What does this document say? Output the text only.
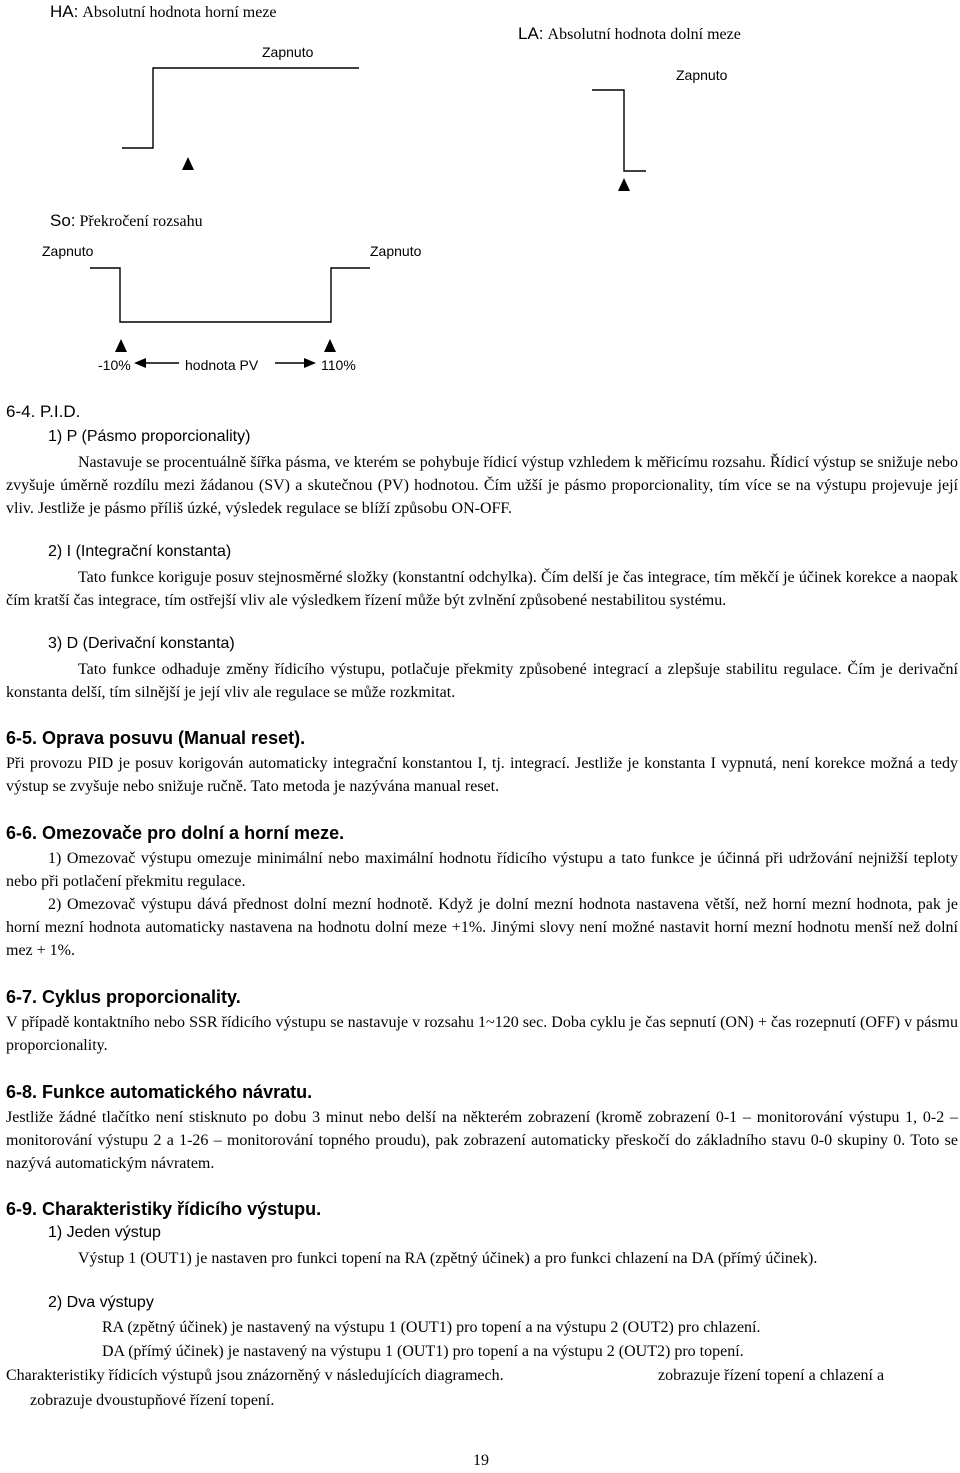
HA: Absolutní hodnota horní meze
Zapnuto
LA: Absolutní hodnota dolní meze
Zapnuto
So: Překročení rozsahu
Zapnuto	Zapnuto
-10%	hodnota PV	110%
6-4. P.I.D.
1) P (Pásmo proporcionality)
Nastavuje se procentuálně šířka pásma, ve kterém se pohybuje řídicí výstup vzhledem k měřicímu rozsahu. Řídicí výstup se snižuje nebo zvyšuje úměrně rozdílu mezi žádanou (SV) a skutečnou (PV) hodnotou. Čím užší je pásmo proporcionality, tím více se na výstupu projevuje její vliv. Jestliže je pásmo příliš úzké, výsledek regulace se blíží způsobu ON-OFF.
2) I (Integrační konstanta)
Tato funkce koriguje posuv stejnosměrné složky (konstantní odchylka). Čím delší je čas integrace, tím měkčí je účinek korekce a naopak čím kratší čas integrace, tím ostřejší vliv ale výsledkem řízení může být zvlnění způsobené nestabilitou systému.
3) D (Derivační konstanta)
Tato funkce odhaduje změny řídicího výstupu, potlačuje překmity způsobené integrací a zlepšuje stabilitu regulace. Čím je derivační konstanta delší, tím silnější je její vliv ale regulace se může rozkmitat.
6-5. Oprava posuvu (Manual reset).
Při provozu PID je posuv korigován automaticky integrační konstantou I, tj. integrací. Jestliže je konstanta I vypnutá, není korekce možná a tedy výstup se zvyšuje nebo snižuje ručně. Tato metoda je nazývána manual reset.
6-6. Omezovače pro dolní a horní meze.
1) Omezovač výstupu omezuje minimální nebo maximální hodnotu řídicího výstupu a tato funkce je účinná při udržování nejnižší teploty nebo při potlačení překmitu regulace.
2) Omezovač výstupu dává přednost dolní mezní hodnotě. Když je dolní mezní hodnota nastavena větší, než horní mezní hodnota, pak je horní mezní hodnota automaticky nastavena na hodnotu dolní meze +1%. Jinými slovy není možné nastavit horní mezní hodnotu menší než dolní mez + 1%.
6-7. Cyklus proporcionality.
V případě kontaktního nebo SSR řídicího výstupu se nastavuje v rozsahu 1~120 sec. Doba cyklu je čas sepnutí (ON) + čas rozepnutí (OFF) v pásmu proporcionality.
6-8. Funkce automatického návratu.
Jestliže žádné tlačítko není stisknuto po dobu 3 minut nebo delší na některém zobrazení (kromě zobrazení 0-1 – monitorování výstupu 1, 0-2 – monitorování výstupu 2 a 1-26 – monitorování topného proudu), pak zobrazení automaticky přeskočí do základního stavu 0-0 skupiny 0. Toto se nazývá automatickým návratem.
6-9. Charakteristiky řídicího výstupu.
1) Jeden výstup
Výstup 1 (OUT1) je nastaven pro funkci topení na RA (zpětný účinek) a pro funkci chlazení na DA (přímý účinek).
2) Dva výstupy
RA (zpětný účinek) je nastavený na výstupu 1 (OUT1) pro topení a na výstupu 2 (OUT2) pro chlazení.
DA (přímý účinek) je nastavený na výstupu 1 (OUT1) pro topení a na výstupu 2 (OUT2) pro topení.
Charakteristiky řídicích výstupů jsou znázorněný v následujících diagramech.	zobrazuje řízení topení a chlazení a
zobrazuje dvoustupňové řízení topení.
19
